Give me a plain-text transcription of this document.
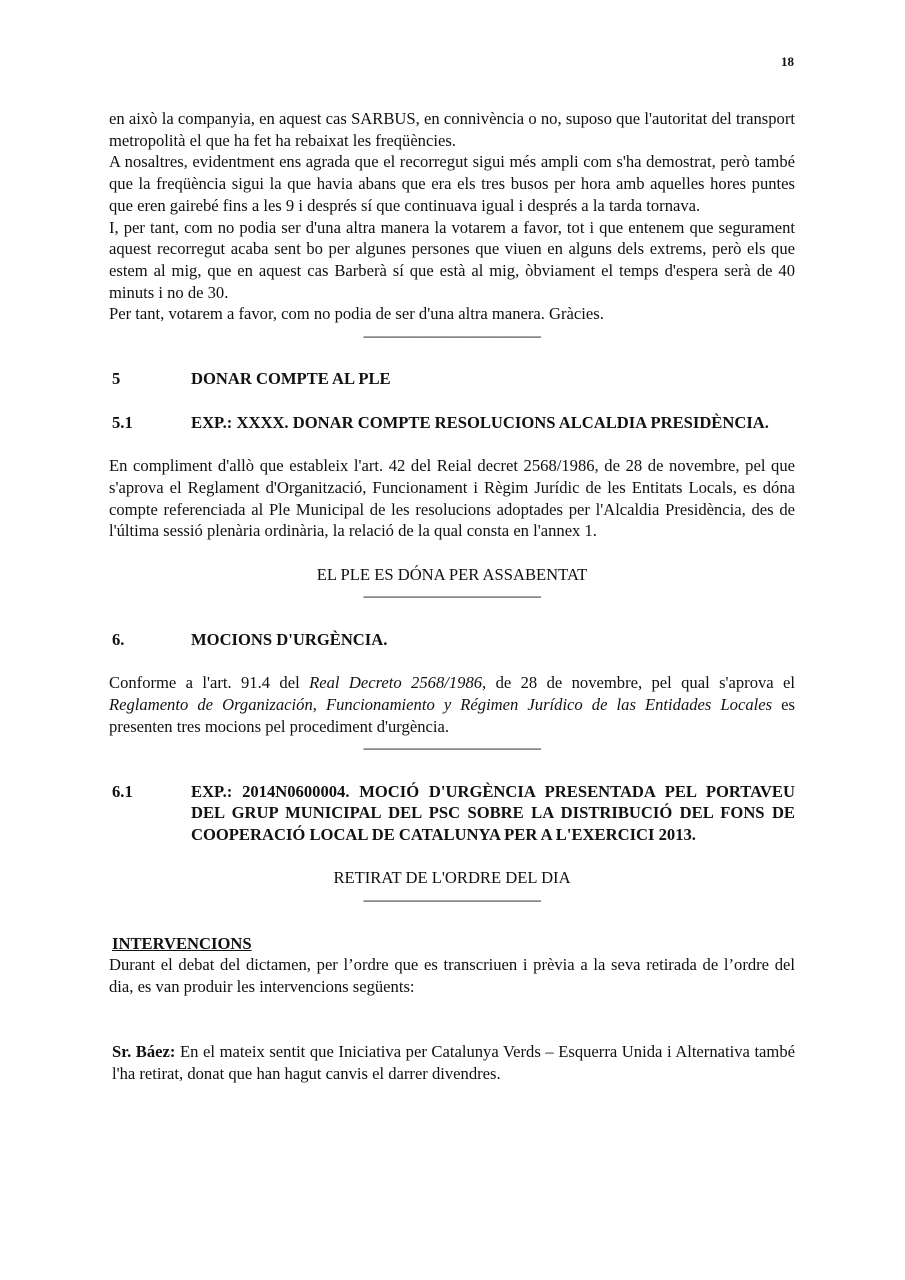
18

en això la companyia, en aquest cas SARBUS, en connivència o no, suposo que l'autoritat del transport metropolità el que ha fet ha rebaixat les freqüències.

A nosaltres, evidentment ens agrada que el recorregut sigui més ampli com s'ha demostrat, però també que la freqüència sigui la que havia abans que era els tres busos per hora amb aquelles hores puntes que eren gairebé fins a les 9 i després sí que continuava igual i després a la tarda tornava.

I, per tant, com no podia ser d'una altra manera la votarem a favor, tot i que entenem que segurament aquest recorregut acaba sent bo per algunes persones que viuen en alguns dels extrems, però els que estem al mig, que en aquest cas Barberà sí que està al mig, òbviament el temps d'espera serà de 40 minuts i no de 30.

Per tant, votarem a favor, com no podia de ser d'una altra manera. Gràcies.

———————————
5	DONAR COMPTE AL PLE
5.1	EXP.: XXXX. DONAR COMPTE RESOLUCIONS ALCALDIA PRESIDÈNCIA.

En compliment d'allò que estableix l'art. 42 del Reial decret 2568/1986, de 28 de novembre, pel que s'aprova el Reglament d'Organització, Funcionament i Règim Jurídic de les Entitats Locals, es dóna compte referenciada al Ple Municipal de les resolucions adoptades per l'Alcaldia Presidència, des de l'última sessió plenària ordinària, la relació de la qual consta en l'annex 1.

EL PLE ES DÓNA PER ASSABENTAT
———————————
6.	MOCIONS D'URGÈNCIA.

Conforme a l'art. 91.4 del Real Decreto 2568/1986, de 28 de novembre, pel qual s'aprova el Reglamento de Organización, Funcionamiento y Régimen Jurídico de las Entidades Locales es presenten tres mocions pel procediment d'urgència.

———————————
6.1	EXP.: 2014N0600004. MOCIÓ D'URGÈNCIA PRESENTADA PEL PORTAVEU DEL GRUP MUNICIPAL DEL PSC SOBRE LA DISTRIBUCIÓ DEL FONS DE COOPERACIÓ LOCAL DE CATALUNYA PER A L'EXERCICI 2013.
RETIRAT DE L'ORDRE DEL DIA
———————————
INTERVENCIONS

Durant el debat del dictamen, per l’ordre que es transcriuen i prèvia a la seva retirada de l’ordre del dia, es van produir les intervencions següents:

Sr. Báez: En el mateix sentit que Iniciativa per Catalunya Verds – Esquerra Unida i Alternativa també l'ha retirat, donat que han hagut canvis el darrer divendres.
